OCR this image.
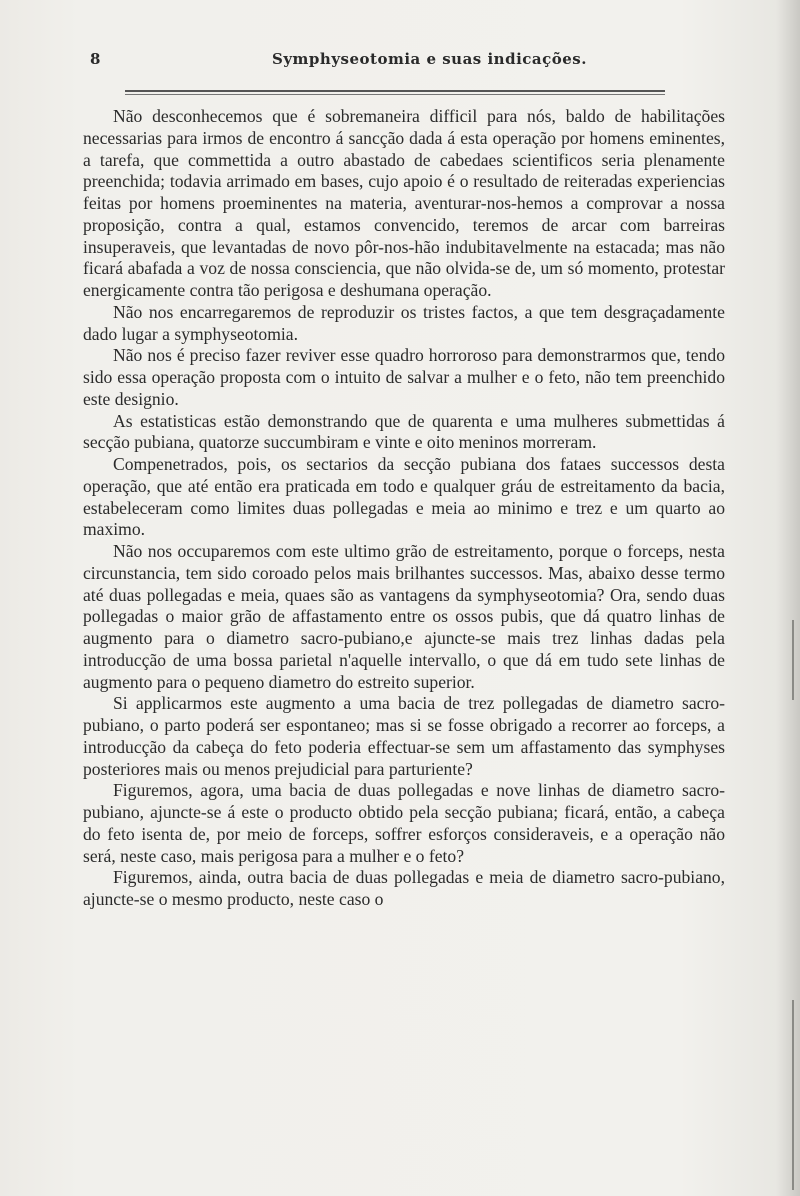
8	Symphyseotomia e suas indicações.

Não desconhecemos que é sobremaneira difficil para nós, baldo de habilitações necessarias para irmos de encontro á sancção dada á esta operação por homens eminentes, a tarefa, que commettida a outro abastado de cabedaes scientificos seria plenamente preenchida; todavia arrimado em bases, cujo apoio é o resultado de reiteradas experiencias feitas por homens proeminentes na materia, aventurar-nos-hemos a comprovar a nossa proposição, contra a qual, estamos convencido, teremos de arcar com barreiras insuperaveis, que levantadas de novo pôr-nos-hão indubitavelmente na estacada; mas não ficará abafada a voz de nossa consciencia, que não olvida-se de, um só momento, protestar energicamente contra tão perigosa e deshumana operação.

Não nos encarregaremos de reproduzir os tristes factos, a que tem desgraçadamente dado lugar a symphyseotomia.

Não nos é preciso fazer reviver esse quadro horroroso para demonstrarmos que, tendo sido essa operação proposta com o intuito de salvar a mulher e o feto, não tem preenchido este designio.

As estatisticas estão demonstrando que de quarenta e uma mulheres submettidas á secção pubiana, quatorze succumbiram e vinte e oito meninos morreram.

Compenetrados, pois, os sectarios da secção pubiana dos fataes successos desta operação, que até então era praticada em todo e qualquer gráu de estreitamento da bacia, estabeleceram como limites duas pollegadas e meia ao minimo e trez e um quarto ao maximo.

Não nos occuparemos com este ultimo grão de estreitamento, porque o forceps, nesta circunstancia, tem sido coroado pelos mais brilhantes successos. Mas, abaixo desse termo até duas pollegadas e meia, quaes são as vantagens da symphyseotomia? Ora, sendo duas pollegadas o maior grão de affastamento entre os ossos pubis, que dá quatro linhas de augmento para o diametro sacro-pubiano,e ajuncte-se mais trez linhas dadas pela introducção de uma bossa parietal n'aquelle intervallo, o que dá em tudo sete linhas de augmento para o pequeno diametro do estreito superior.

Si applicarmos este augmento a uma bacia de trez pollegadas de diametro sacro-pubiano, o parto poderá ser espontaneo; mas si se fosse obrigado a recorrer ao forceps, a introducção da cabeça do feto poderia effectuar-se sem um affastamento das symphyses posteriores mais ou menos prejudicial para parturiente?

Figuremos, agora, uma bacia de duas pollegadas e nove linhas de diametro sacro-pubiano, ajuncte-se á este o producto obtido pela secção pubiana; ficará, então, a cabeça do feto isenta de, por meio de forceps, soffrer esforços consideraveis, e a operação não será, neste caso, mais perigosa para a mulher e o feto?

Figuremos, ainda, outra bacia de duas pollegadas e meia de diametro sacro-pubiano, ajuncte-se o mesmo producto, neste caso o
